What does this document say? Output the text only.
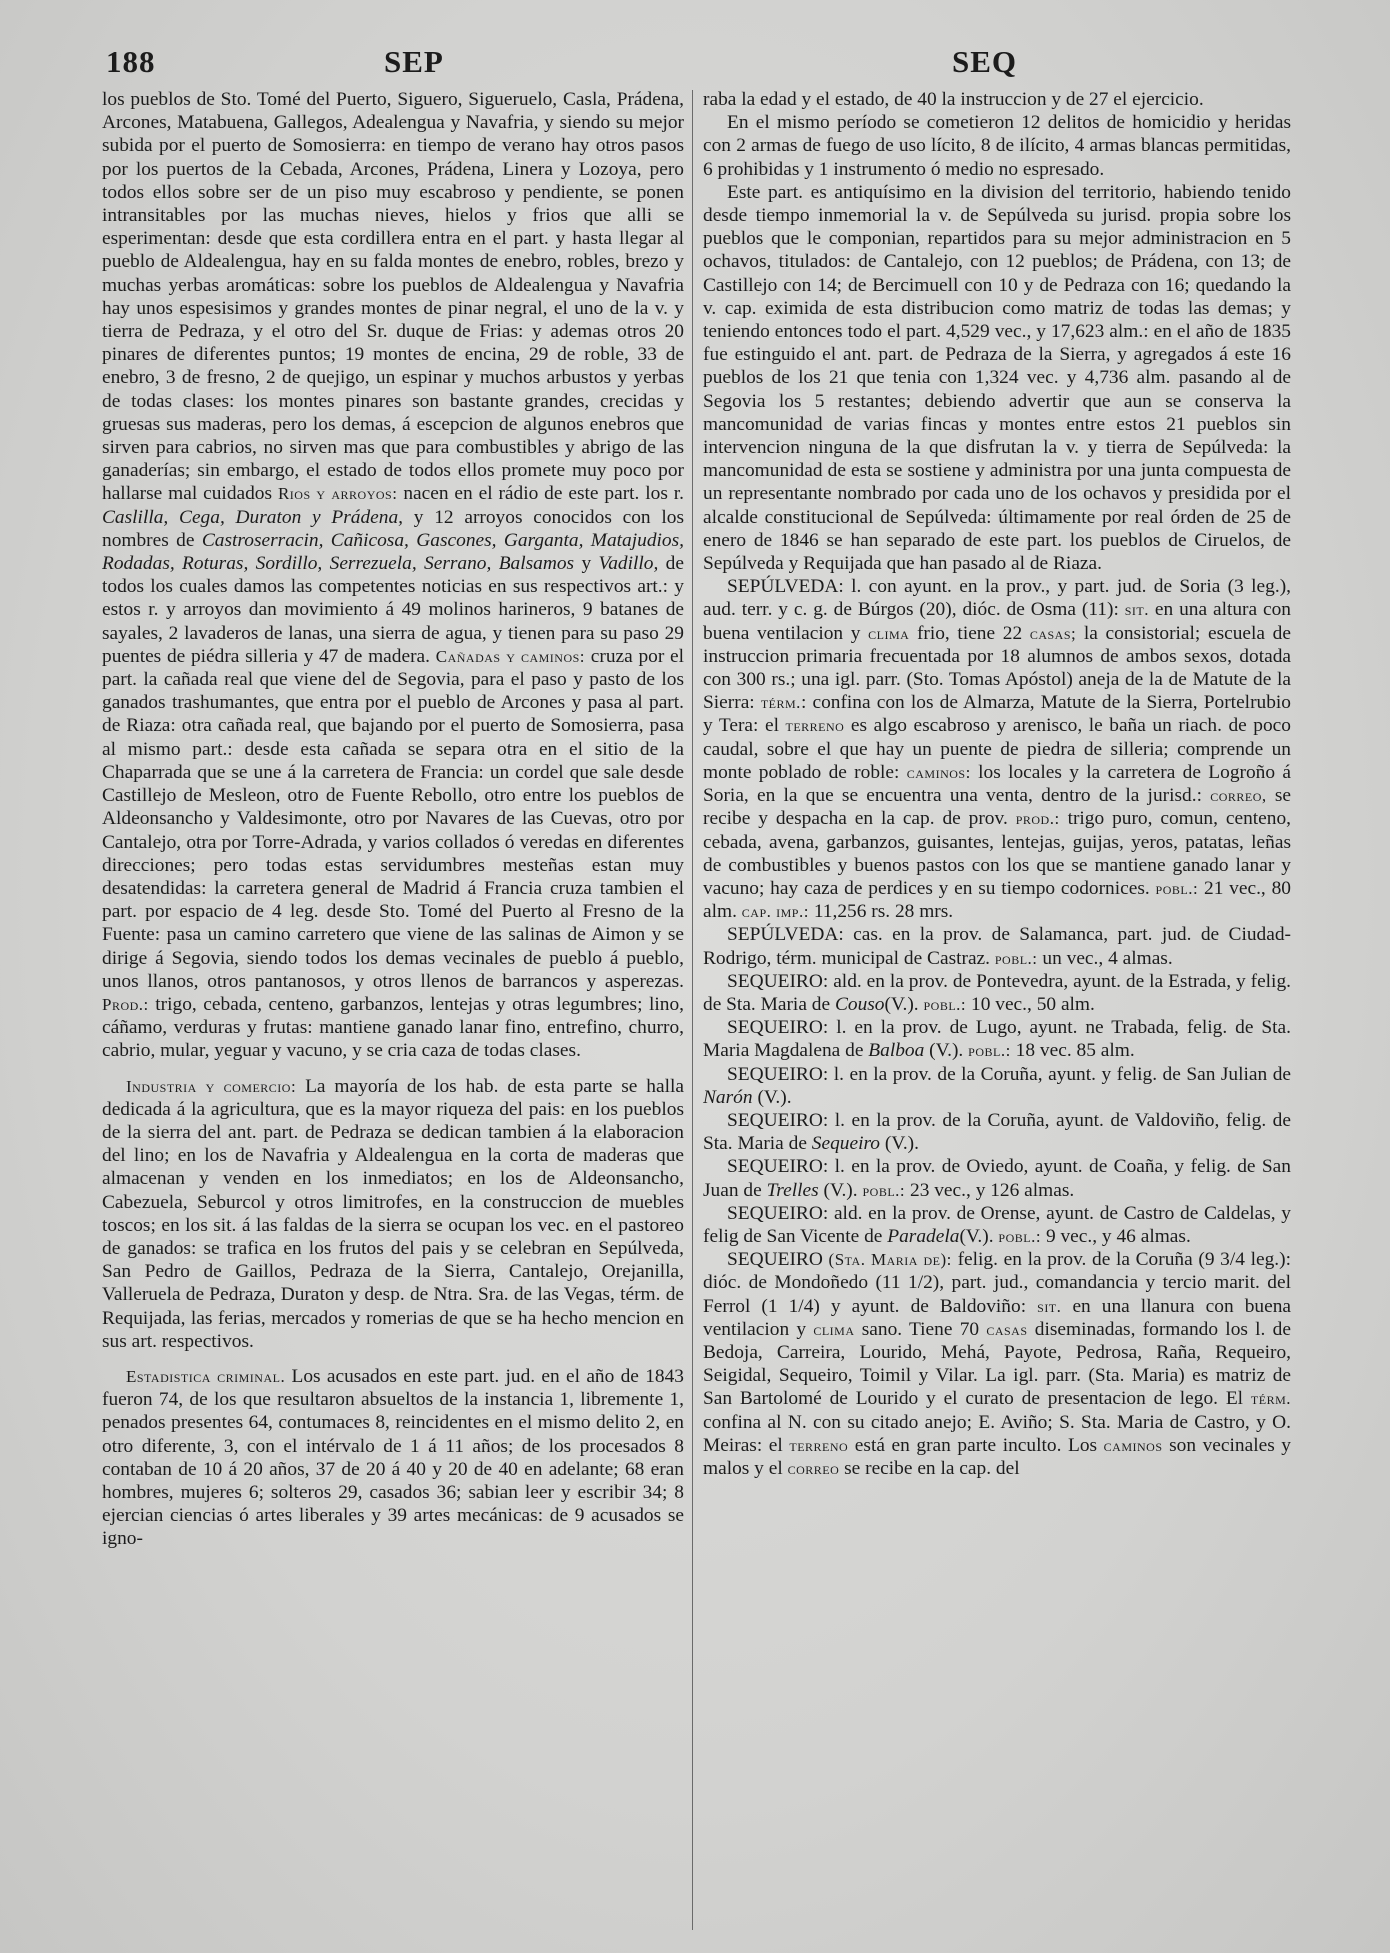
188	SEP	SEQ

los pueblos de Sto. Tomé del Puerto, Siguero, Sigueruelo, Casla, Prádena, Arcones, Matabuena, Gallegos, Adealengua y Navafria, y siendo su mejor subida por el puerto de Somosierra: en tiempo de verano hay otros pasos por los puertos de la Cebada, Arcones, Prádena, Linera y Lozoya, pero todos ellos sobre ser de un piso muy escabroso y pendiente, se ponen intransitables por las muchas nieves, hielos y frios que alli se esperimentan: desde que esta cordillera entra en el part. y hasta llegar al pueblo de Aldealengua, hay en su falda montes de enebro, robles, brezo y muchas yerbas aromáticas: sobre los pueblos de Aldealengua y Navafria hay unos espesisimos y grandes montes de pinar negral, el uno de la v. y tierra de Pedraza, y el otro del Sr. duque de Frias: y ademas otros 20 pinares de diferentes puntos; 19 montes de encina, 29 de roble, 33 de enebro, 3 de fresno, 2 de quejigo, un espinar y muchos arbustos y yerbas de todas clases: los montes pinares son bastante grandes, crecidas y gruesas sus maderas, pero los demas, á escepcion de algunos enebros que sirven para cabrios, no sirven mas que para combustibles y abrigo de las ganaderías; sin embargo, el estado de todos ellos promete muy poco por hallarse mal cuidados Rios y arroyos: nacen en el rádio de este part. los r. Caslilla, Cega, Duraton y Prádena, y 12 arroyos conocidos con los nombres de Castroserracin, Cañicosa, Gascones, Garganta, Matajudios, Rodadas, Roturas, Sordillo, Serrezuela, Serrano, Balsamos y Vadillo, de todos los cuales damos las competentes noticias en sus respectivos art.: y estos r. y arroyos dan movimiento á 49 molinos harineros, 9 batanes de sayales, 2 lavaderos de lanas, una sierra de agua, y tienen para su paso 29 puentes de piédra silleria y 47 de madera. Cañadas y caminos: cruza por el part. la cañada real que viene del de Segovia, para el paso y pasto de los ganados trashumantes, que entra por el pueblo de Arcones y pasa al part. de Riaza: otra cañada real, que bajando por el puerto de Somosierra, pasa al mismo part.: desde esta cañada se separa otra en el sitio de la Chaparrada que se une á la carretera de Francia: un cordel que sale desde Castillejo de Mesleon, otro de Fuente Rebollo, otro entre los pueblos de Aldeonsancho y Valdesimonte, otro por Navares de las Cuevas, otro por Cantalejo, otra por Torre-Adrada, y varios collados ó veredas en diferentes direcciones; pero todas estas servidumbres mesteñas estan muy desatendidas: la carretera general de Madrid á Francia cruza tambien el part. por espacio de 4 leg. desde Sto. Tomé del Puerto al Fresno de la Fuente: pasa un camino carretero que viene de las salinas de Aimon y se dirige á Segovia, siendo todos los demas vecinales de pueblo á pueblo, unos llanos, otros pantanosos, y otros llenos de barrancos y asperezas. Prod.: trigo, cebada, centeno, garbanzos, lentejas y otras legumbres; lino, cáñamo, verduras y frutas: mantiene ganado lanar fino, entrefino, churro, cabrio, mular, yeguar y vacuno, y se cria caza de todas clases.

Industria y comercio: La mayoría de los hab. de esta parte se halla dedicada á la agricultura, que es la mayor riqueza del pais: en los pueblos de la sierra del ant. part. de Pedraza se dedican tambien á la elaboracion del lino; en los de Navafria y Aldealengua en la corta de maderas que almacenan y venden en los inmediatos; en los de Aldeonsancho, Cabezuela, Seburcol y otros limitrofes, en la construccion de muebles toscos; en los sit. á las faldas de la sierra se ocupan los vec. en el pastoreo de ganados: se trafica en los frutos del pais y se celebran en Sepúlveda, San Pedro de Gaillos, Pedraza de la Sierra, Cantalejo, Orejanilla, Valleruela de Pedraza, Duraton y desp. de Ntra. Sra. de las Vegas, térm. de Requijada, las ferias, mercados y romerias de que se ha hecho mencion en sus art. respectivos.

Estadistica criminal. Los acusados en este part. jud. en el año de 1843 fueron 74, de los que resultaron absueltos de la instancia 1, libremente 1, penados presentes 64, contumaces 8, reincidentes en el mismo delito 2, en otro diferente, 3, con el intérvalo de 1 á 11 años; de los procesados 8 contaban de 10 á 20 años, 37 de 20 á 40 y 20 de 40 en adelante; 68 eran hombres, mujeres 6; solteros 29, casados 36; sabian leer y escribir 34; 8 ejercian ciencias ó artes liberales y 39 artes mecánicas: de 9 acusados se igno-

raba la edad y el estado, de 40 la instruccion y de 27 el ejercicio.

En el mismo período se cometieron 12 delitos de homicidio y heridas con 2 armas de fuego de uso lícito, 8 de ilícito, 4 armas blancas permitidas, 6 prohibidas y 1 instrumento ó medio no espresado.

Este part. es antiquísimo en la division del territorio, habiendo tenido desde tiempo inmemorial la v. de Sepúlveda su jurisd. propia sobre los pueblos que le componian, repartidos para su mejor administracion en 5 ochavos, titulados: de Cantalejo, con 12 pueblos; de Prádena, con 13; de Castillejo con 14; de Bercimuell con 10 y de Pedraza con 16; quedando la v. cap. eximida de esta distribucion como matriz de todas las demas; y teniendo entonces todo el part. 4,529 vec., y 17,623 alm.: en el año de 1835 fue estinguido el ant. part. de Pedraza de la Sierra, y agregados á este 16 pueblos de los 21 que tenia con 1,324 vec. y 4,736 alm. pasando al de Segovia los 5 restantes; debiendo advertir que aun se conserva la mancomunidad de varias fincas y montes entre estos 21 pueblos sin intervencion ninguna de la que disfrutan la v. y tierra de Sepúlveda: la mancomunidad de esta se sostiene y administra por una junta compuesta de un representante nombrado por cada uno de los ochavos y presidida por el alcalde constitucional de Sepúlveda: últimamente por real órden de 25 de enero de 1846 se han separado de este part. los pueblos de Ciruelos, de Sepúlveda y Requijada que han pasado al de Riaza.

SEPÚLVEDA: l. con ayunt. en la prov., y part. jud. de Soria (3 leg.), aud. terr. y c. g. de Búrgos (20), dióc. de Osma (11): sit. en una altura con buena ventilacion y clima frio, tiene 22 casas; la consistorial; escuela de instruccion primaria frecuentada por 18 alumnos de ambos sexos, dotada con 300 rs.; una igl. parr. (Sto. Tomas Apóstol) aneja de la de Matute de la Sierra: térm.: confina con los de Almarza, Matute de la Sierra, Portelrubio y Tera: el terreno es algo escabroso y arenisco, le baña un riach. de poco caudal, sobre el que hay un puente de piedra de silleria; comprende un monte poblado de roble: caminos: los locales y la carretera de Logroño á Soria, en la que se encuentra una venta, dentro de la jurisd.: correo, se recibe y despacha en la cap. de prov. prod.: trigo puro, comun, centeno, cebada, avena, garbanzos, guisantes, lentejas, guijas, yeros, patatas, leñas de combustibles y buenos pastos con los que se mantiene ganado lanar y vacuno; hay caza de perdices y en su tiempo codornices. pobl.: 21 vec., 80 alm. cap. imp.: 11,256 rs. 28 mrs.

SEPÚLVEDA: cas. en la prov. de Salamanca, part. jud. de Ciudad-Rodrigo, térm. municipal de Castraz. pobl.: un vec., 4 almas.

SEQUEIRO: ald. en la prov. de Pontevedra, ayunt. de la Estrada, y felig. de Sta. Maria de Couso(V.). pobl.: 10 vec., 50 alm.

SEQUEIRO: l. en la prov. de Lugo, ayunt. ne Trabada, felig. de Sta. Maria Magdalena de Balboa (V.). pobl.: 18 vec. 85 alm.

SEQUEIRO: l. en la prov. de la Coruña, ayunt. y felig. de San Julian de Narón (V.).

SEQUEIRO: l. en la prov. de la Coruña, ayunt. de Valdoviño, felig. de Sta. Maria de Sequeiro (V.).

SEQUEIRO: l. en la prov. de Oviedo, ayunt. de Coaña, y felig. de San Juan de Trelles (V.). pobl.: 23 vec., y 126 almas.

SEQUEIRO: ald. en la prov. de Orense, ayunt. de Castro de Caldelas, y felig de San Vicente de Paradela(V.). pobl.: 9 vec., y 46 almas.

SEQUEIRO (Sta. Maria de): felig. en la prov. de la Coruña (9 3/4 leg.): dióc. de Mondoñedo (11 1/2), part. jud., comandancia y tercio marit. del Ferrol (1 1/4) y ayunt. de Baldoviño: sit. en una llanura con buena ventilacion y clima sano. Tiene 70 casas diseminadas, formando los l. de Bedoja, Carreira, Lourido, Mehá, Payote, Pedrosa, Raña, Requeiro, Seigidal, Sequeiro, Toimil y Vilar. La igl. parr. (Sta. Maria) es matriz de San Bartolomé de Lourido y el curato de presentacion de lego. El térm. confina al N. con su citado anejo; E. Aviño; S. Sta. Maria de Castro, y O. Meiras: el terreno está en gran parte inculto. Los caminos son vecinales y malos y el correo se recibe en la cap. del
